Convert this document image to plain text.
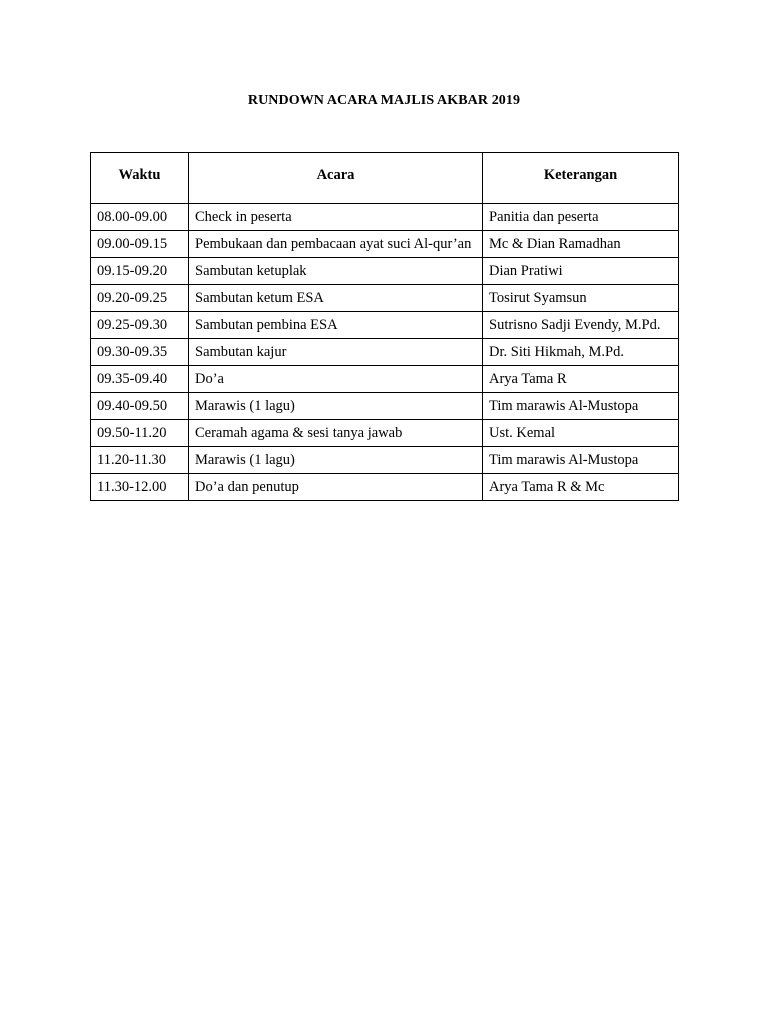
RUNDOWN ACARA MAJLIS AKBAR 2019
Waktu	Acara	Keterangan
08.00-09.00	Check in peserta	Panitia dan peserta
09.00-09.15	Pembukaan dan pembacaan ayat suci Al-qur’an	Mc & Dian Ramadhan
09.15-09.20	Sambutan ketuplak	Dian Pratiwi
09.20-09.25	Sambutan ketum ESA	Tosirut Syamsun
09.25-09.30	Sambutan pembina ESA	Sutrisno Sadji Evendy, M.Pd.
09.30-09.35	Sambutan kajur	Dr. Siti Hikmah, M.Pd.
09.35-09.40	Do’a	Arya Tama R
09.40-09.50	Marawis (1 lagu)	Tim marawis Al-Mustopa
09.50-11.20	Ceramah agama & sesi tanya jawab	Ust. Kemal
11.20-11.30	Marawis (1 lagu)	Tim marawis Al-Mustopa
11.30-12.00	Do’a dan penutup	Arya Tama R & Mc
